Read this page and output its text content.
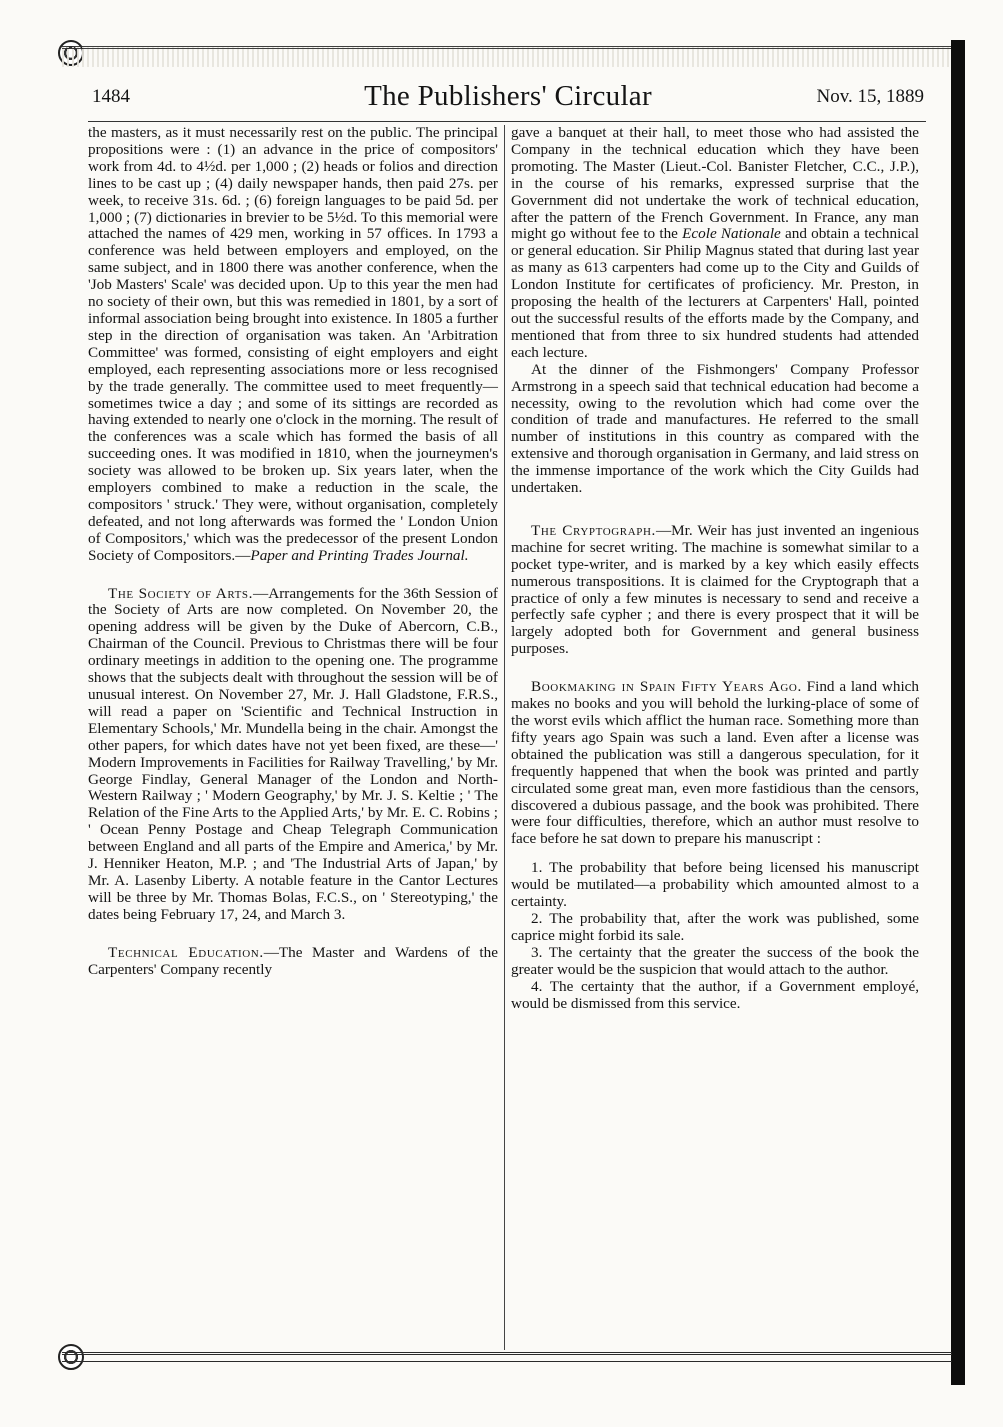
1484	The Publishers' Circular	Nov. 15, 1889

the masters, as it must necessarily rest on the public. The principal propositions were : (1) an advance in the price of compositors' work from 4d. to 4½d. per 1,000 ; (2) heads or folios and direction lines to be cast up ; (4) daily newspaper hands, then paid 27s. per week, to receive 31s. 6d. ; (6) foreign languages to be paid 5d. per 1,000 ; (7) dictionaries in brevier to be 5½d. To this memorial were attached the names of 429 men, working in 57 offices. In 1793 a conference was held between employers and employed, on the same subject, and in 1800 there was another conference, when the 'Job Masters' Scale' was decided upon. Up to this year the men had no society of their own, but this was remedied in 1801, by a sort of informal association being brought into existence. In 1805 a further step in the direction of organisation was taken. An 'Arbitration Committee' was formed, consisting of eight employers and eight employed, each representing associations more or less recognised by the trade generally. The committee used to meet frequently—sometimes twice a day ; and some of its sittings are recorded as having extended to nearly one o'clock in the morning. The result of the conferences was a scale which has formed the basis of all succeeding ones. It was modified in 1810, when the journeymen's society was allowed to be broken up. Six years later, when the employers combined to make a reduction in the scale, the compositors ' struck.' They were, without organisation, completely defeated, and not long afterwards was formed the ' London Union of Compositors,' which was the predecessor of the present London Society of Compositors.—Paper and Printing Trades Journal.

The Society of Arts.—Arrangements for the 36th Session of the Society of Arts are now completed. On November 20, the opening address will be given by the Duke of Abercorn, C.B., Chairman of the Council. Previous to Christmas there will be four ordinary meetings in addition to the opening one. The programme shows that the subjects dealt with throughout the session will be of unusual interest. On November 27, Mr. J. Hall Gladstone, F.R.S., will read a paper on 'Scientific and Technical Instruction in Elementary Schools,' Mr. Mundella being in the chair. Amongst the other papers, for which dates have not yet been fixed, are these—' Modern Improvements in Facilities for Railway Travelling,' by Mr. George Findlay, General Manager of the London and North-Western Railway ; ' Modern Geography,' by Mr. J. S. Keltie ; ' The Relation of the Fine Arts to the Applied Arts,' by Mr. E. C. Robins ; ' Ocean Penny Postage and Cheap Telegraph Communication between England and all parts of the Empire and America,' by Mr. J. Henniker Heaton, M.P. ; and 'The Industrial Arts of Japan,' by Mr. A. Lasenby Liberty. A notable feature in the Cantor Lectures will be three by Mr. Thomas Bolas, F.C.S., on ' Stereotyping,' the dates being February 17, 24, and March 3.

Technical Education.—The Master and Wardens of the Carpenters' Company recently

gave a banquet at their hall, to meet those who had assisted the Company in the technical education which they have been promoting. The Master (Lieut.-Col. Banister Fletcher, C.C., J.P.), in the course of his remarks, expressed surprise that the Government did not undertake the work of technical education, after the pattern of the French Government. In France, any man might go without fee to the Ecole Nationale and obtain a technical or general education. Sir Philip Magnus stated that during last year as many as 613 carpenters had come up to the City and Guilds of London Institute for certificates of proficiency. Mr. Preston, in proposing the health of the lecturers at Carpenters' Hall, pointed out the successful results of the efforts made by the Company, and mentioned that from three to six hundred students had attended each lecture.

At the dinner of the Fishmongers' Company Professor Armstrong in a speech said that technical education had become a necessity, owing to the revolution which had come over the condition of trade and manufactures. He referred to the small number of institutions in this country as compared with the extensive and thorough organisation in Germany, and laid stress on the immense importance of the work which the City Guilds had undertaken.

The Cryptograph.—Mr. Weir has just invented an ingenious machine for secret writing. The machine is somewhat similar to a pocket type-writer, and is marked by a key which easily effects numerous transpositions. It is claimed for the Cryptograph that a practice of only a few minutes is necessary to send and receive a perfectly safe cypher ; and there is every prospect that it will be largely adopted both for Government and general business purposes.

Bookmaking in Spain Fifty Years Ago. Find a land which makes no books and you will behold the lurking-place of some of the worst evils which afflict the human race. Something more than fifty years ago Spain was such a land. Even after a license was obtained the publication was still a dangerous speculation, for it frequently happened that when the book was printed and partly circulated some great man, even more fastidious than the censors, discovered a dubious passage, and the book was prohibited. There were four difficulties, therefore, which an author must resolve to face before he sat down to prepare his manuscript :

1. The probability that before being licensed his manuscript would be mutilated—a probability which amounted almost to a certainty.

2. The probability that, after the work was published, some caprice might forbid its sale.

3. The certainty that the greater the success of the book the greater would be the suspicion that would attach to the author.

4. The certainty that the author, if a Government employé, would be dismissed from this service.
